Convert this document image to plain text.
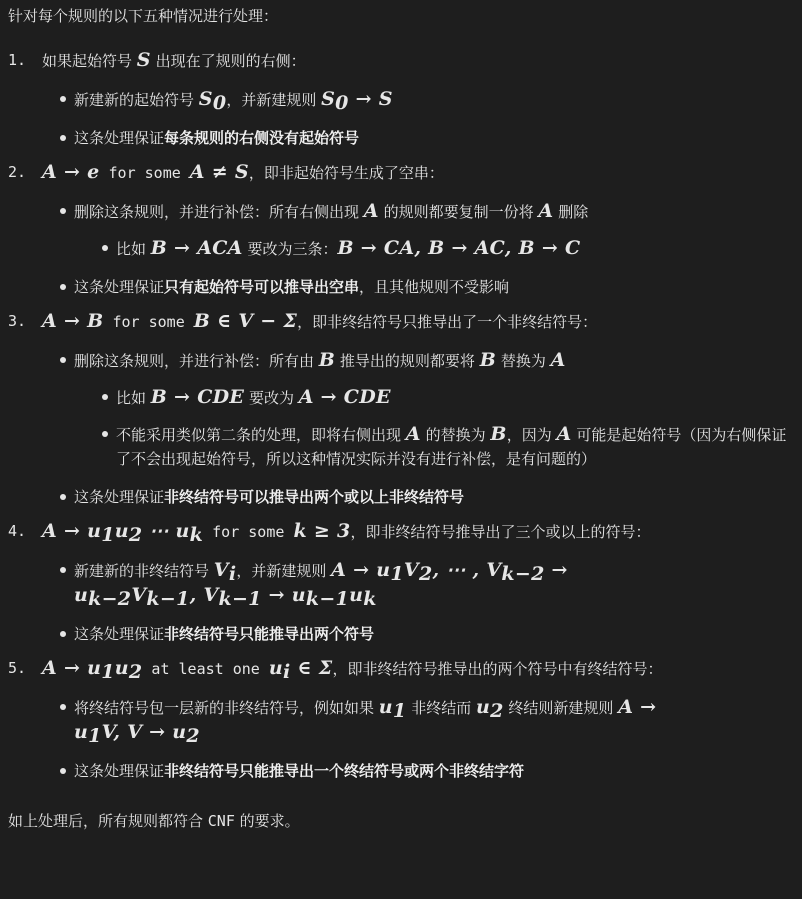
针对每个规则的以下五种情况进行处理：

1.	如果起始符号 S 出现在了规则的右侧：
新建新的起始符号 $S_0$，并新建规则 $S_0 \to S$
这条处理保证每条规则的右侧没有起始符号
2. A → e for some A ≠ S，即非起始符号生成了空串：
删除这条规则，并进行补偿：所有右侧出现 A 的规则都要复制一份将 A 删除
比如 B → ACA 要改为三条：B → CA, B → AC, B → C
这条处理保证只有起始符号可以推导出空串，且其他规则不受影响
3. A → B for some B ∈ V − Σ，即非终结符号只推导出了一个非终结符号：
删除这条规则，并进行补偿：所有由 B 推导出的规则都要将 B 替换为 A
比如 B → CDE 要改为 A → CDE
不能采用类似第二条的处理，即将右侧出现 A 的替换为 B，因为 A 可能是起始符号（因为右侧保证了不会出现起始符号，所以这种情况实际并没有进行补偿，是有问题的）
这条处理保证非终结符号可以推导出两个或以上非终结符号
4. $A \to u_1u_2$ ⋯ $u_k$ for some k ≥ 3，即非终结符号推导出了三个或以上的符号：
新建新的非终结符号 $V_i$，并新建规则 $A \to u_1V_2$, ⋯ , $V_{k-2}$ →
$u_{k-2}V_{k-1}$, $V_{k-1} \to u_{k-1}u_k$
这条处理保证非终结符号只能推导出两个符号
5. $A \to u_1u_2$ at least one $u_i$ ∈ Σ，即非终结符号推导出的两个符号中有终结符号：
将终结符号包一层新的非终结符号，例如如果 $u_1$ 非终结而 $u_2$ 终结则新建规则 A →
$u_1V$, $V \to u_2$
这条处理保证非终结符号只能推导出一个终结符号或两个非终结字符

如上处理后，所有规则都符合 CNF 的要求。
